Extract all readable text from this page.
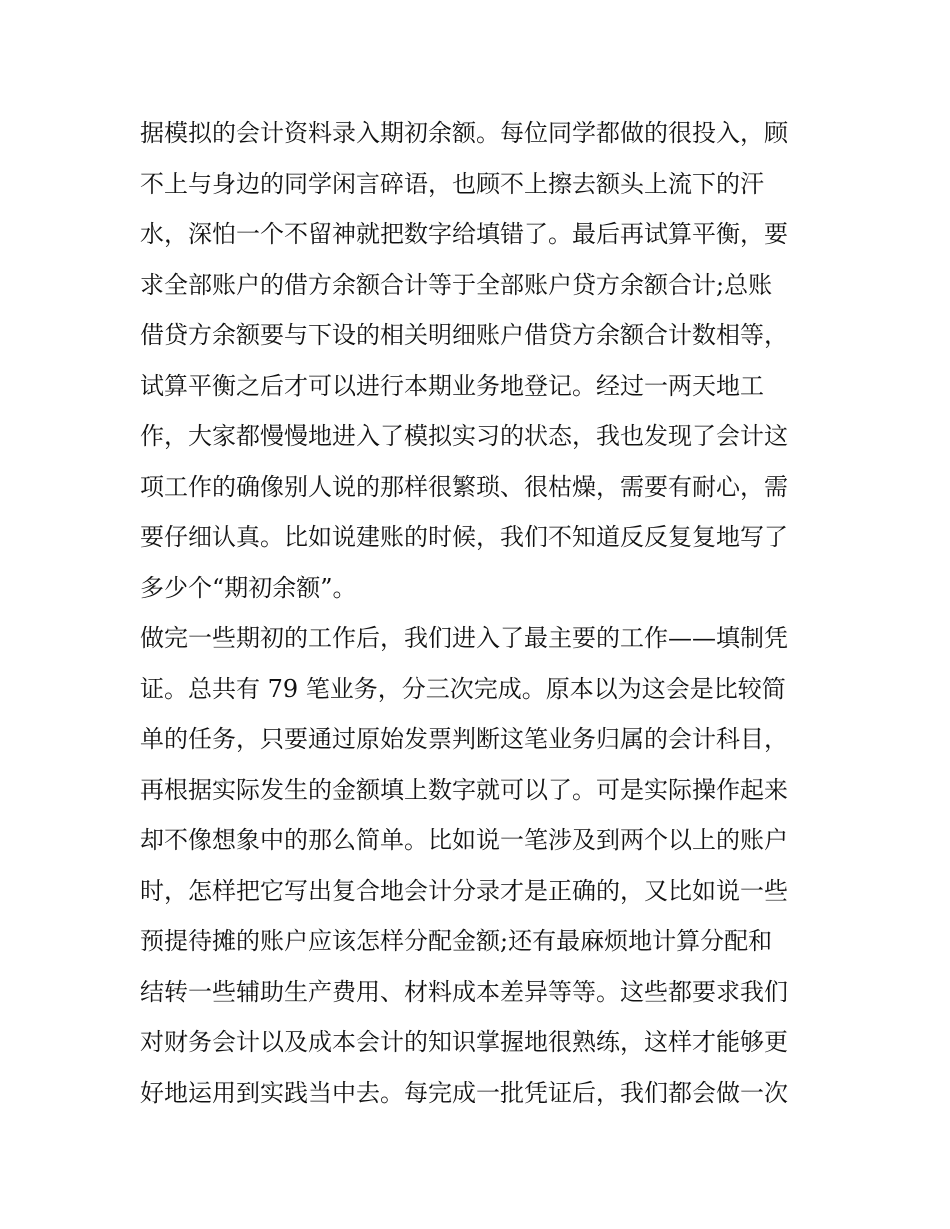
据模拟的会计资料录入期初余额。每位同学都做的很投入，顾

不上与身边的同学闲言碎语，也顾不上擦去额头上流下的汗

水，深怕一个不留神就把数字给填错了。最后再试算平衡，要

求全部账户的借方余额合计等于全部账户贷方余额合计;总账

借贷方余额要与下设的相关明细账户借贷方余额合计数相等，

试算平衡之后才可以进行本期业务地登记。经过一两天地工

作，大家都慢慢地进入了模拟实习的状态，我也发现了会计这

项工作的确像别人说的那样很繁琐、很枯燥，需要有耐心，需

要仔细认真。比如说建账的时候，我们不知道反反复复地写了

多少个“期初余额”。

做完一些期初的工作后，我们进入了最主要的工作——填制凭

证。总共有 79 笔业务，分三次完成。原本以为这会是比较简

单的任务，只要通过原始发票判断这笔业务归属的会计科目，

再根据实际发生的金额填上数字就可以了。可是实际操作起来

却不像想象中的那么简单。比如说一笔涉及到两个以上的账户

时，怎样把它写出复合地会计分录才是正确的，又比如说一些

预提待摊的账户应该怎样分配金额;还有最麻烦地计算分配和

结转一些辅助生产费用、材料成本差异等等。这些都要求我们

对财务会计以及成本会计的知识掌握地很熟练，这样才能够更

好地运用到实践当中去。每完成一批凭证后，我们都会做一次
